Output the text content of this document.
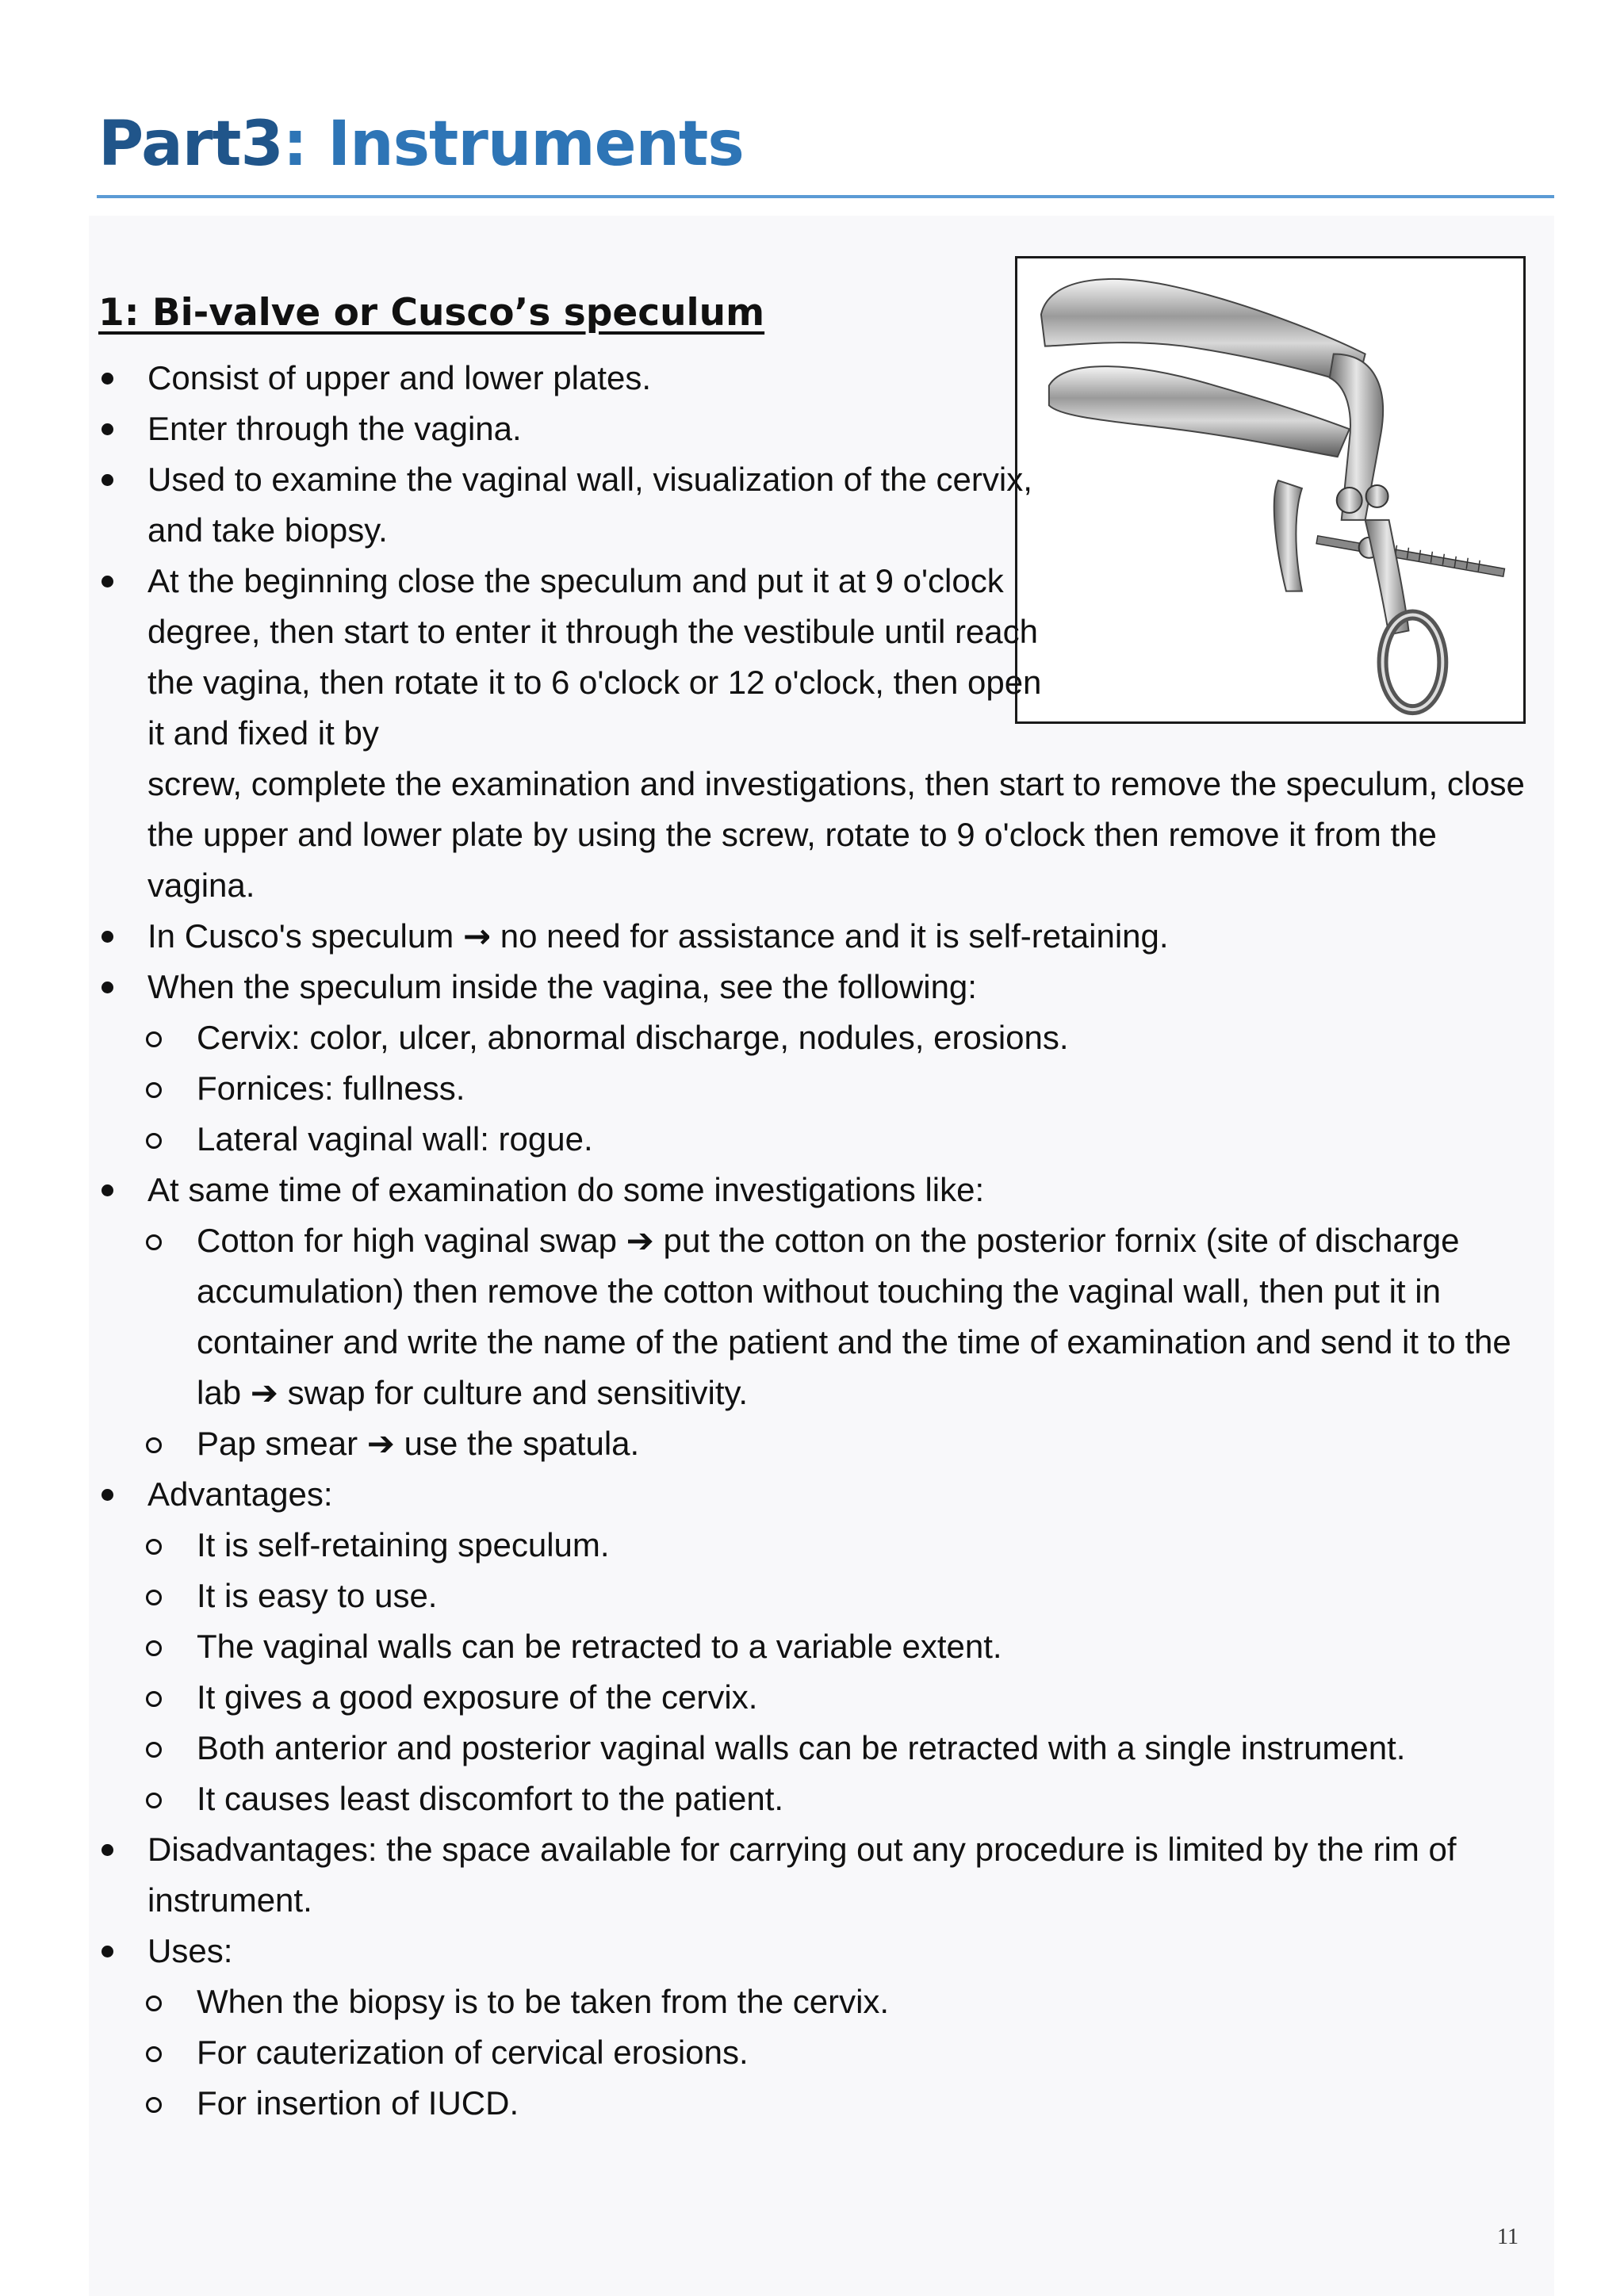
Part3: Instruments
1: Bi-valve or Cusco’s speculum
Consist of upper and lower plates.
Enter through the vagina.
Used to examine the vaginal wall, visualization of the cervix, and take biopsy.
At the beginning close the speculum and put it at 9 o'clock degree, then start to enter it through the vestibule until reach the vagina, then rotate it to 6 o'clock or 12 o'clock, then open it and fixed it by
screw, complete the examination and investigations, then start to remove the speculum, close the upper and lower plate by using the screw, rotate to 9 o'clock then remove it from the vagina.
In Cusco's speculum → no need for assistance and it is self-retaining.
When the speculum inside the vagina, see the following:
Cervix: color, ulcer, abnormal discharge, nodules, erosions.
Fornices: fullness.
Lateral vaginal wall: rogue.
At same time of examination do some investigations like:
Cotton for high vaginal swap ➔ put the cotton on the posterior fornix (site of discharge accumulation) then remove the cotton without touching the vaginal wall, then put it in container and write the name of the patient and the time of examination and send it to the lab ➔ swap for culture and sensitivity.
Pap smear ➔ use the spatula.
Advantages:
It is self-retaining speculum.
It is easy to use.
The vaginal walls can be retracted to a variable extent.
It gives a good exposure of the cervix.
Both anterior and posterior vaginal walls can be retracted with a single instrument.
It causes least discomfort to the patient.
Disadvantages: the space available for carrying out any procedure is limited by the rim of instrument.
Uses:
When the biopsy is to be taken from the cervix.
For cauterization of cervical erosions.
For insertion of IUCD.
11
